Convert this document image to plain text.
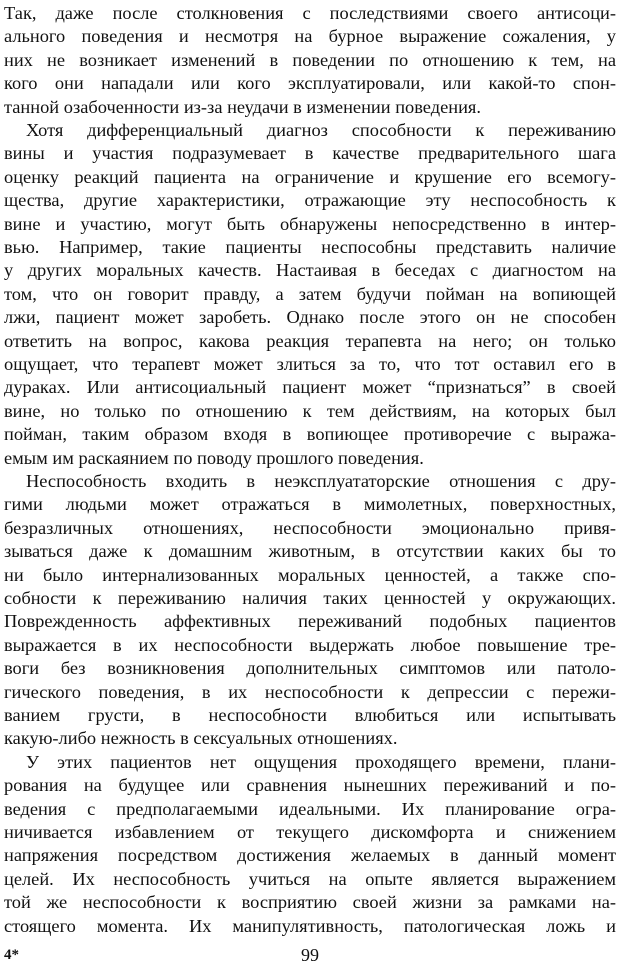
Так, даже после столкновения с последствиями своего антисоци-
ального поведения и несмотря на бурное выражение сожаления, у
них не возникает изменений в поведении по отношению к тем, на
кого они нападали или кого эксплуатировали, или какой-то спон-
танной озабоченности из-за неудачи в изменении поведения.
Хотя дифференциальный диагноз способности к переживанию
вины и участия подразумевает в качестве предварительного шага
оценку реакций пациента на ограничение и крушение его всемогу-
щества, другие характеристики, отражающие эту неспособность к
вине и участию, могут быть обнаружены непосредственно в интер-
вью. Например, такие пациенты неспособны представить наличие
у других моральных качеств. Настаивая в беседах с диагностом на
том, что он говорит правду, а затем будучи пойман на вопиющей
лжи, пациент может заробеть. Однако после этого он не способен
ответить на вопрос, какова реакция терапевта на него; он только
ощущает, что терапевт может злиться за то, что тот оставил его в
дураках. Или антисоциальный пациент может “признаться” в своей
вине, но только по отношению к тем действиям, на которых был
пойман, таким образом входя в вопиющее противоречие с выража-
емым им раскаянием по поводу прошлого поведения.
Неспособность входить в неэксплуататорские отношения с дру-
гими людьми может отражаться в мимолетных, поверхностных,
безразличных отношениях, неспособности эмоционально привя-
зываться даже к домашним животным, в отсутствии каких бы то
ни было интернализованных моральных ценностей, а также спо-
собности к переживанию наличия таких ценностей у окружающих.
Поврежденность аффективных переживаний подобных пациентов
выражается в их неспособности выдержать любое повышение тре-
воги без возникновения дополнительных симптомов или патоло-
гического поведения, в их неспособности к депрессии с пережи-
ванием грусти, в неспособности влюбиться или испытывать
какую-либо нежность в сексуальных отношениях.
У этих пациентов нет ощущения проходящего времени, плани-
рования на будущее или сравнения нынешних переживаний и по-
ведения с предполагаемыми идеальными. Их планирование огра-
ничивается избавлением от текущего дискомфорта и снижением
напряжения посредством достижения желаемых в данный момент
целей. Их неспособность учиться на опыте является выражением
той же неспособности к восприятию своей жизни за рамками на-
стоящего момента. Их манипулятивность, патологическая ложь и
4*	99
